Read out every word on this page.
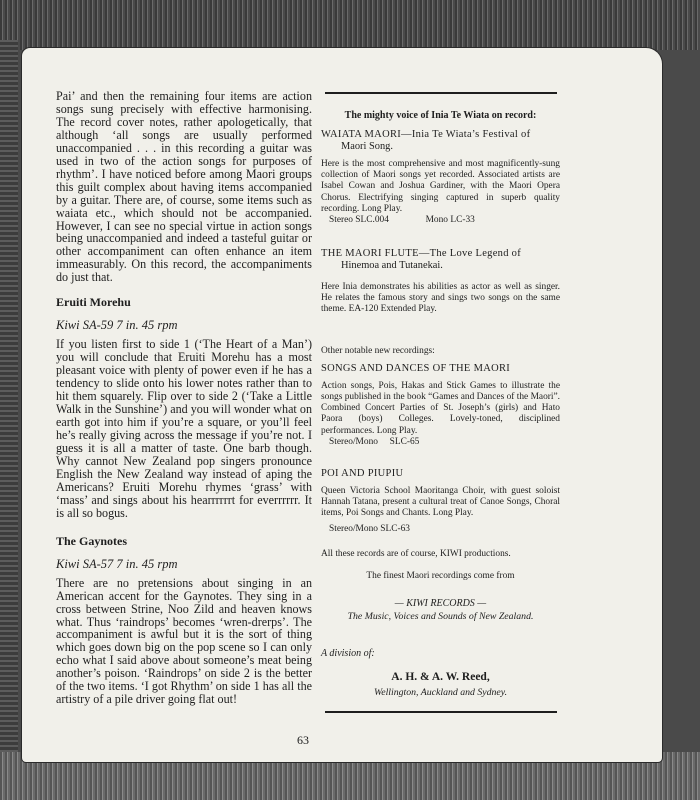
Pai’ and then the remaining four items are action songs sung precisely with effective harmonising. The record cover notes, rather apologetically, that although ‘all songs are usually performed unaccompanied . . . in this recording a guitar was used in two of the action songs for purposes of rhythm’. I have noticed before among Maori groups this guilt complex about having items accompanied by a guitar. There are, of course, some items such as waiata etc., which should not be accompanied. However, I can see no special virtue in action songs being unaccompanied and indeed a tasteful guitar or other accompaniment can often enhance an item immeasurably. On this record, the accompaniments do just that.

Eruiti Morehu

Kiwi SA-59 7 in. 45 rpm

If you listen first to side 1 (‘The Heart of a Man’) you will conclude that Eruiti Morehu has a most pleasant voice with plenty of power even if he has a tendency to slide onto his lower notes rather than to hit them squarely. Flip over to side 2 (‘Take a Little Walk in the Sunshine’) and you will wonder what on earth got into him if you’re a square, or you’ll feel he’s really giving across the message if you’re not. I guess it is all a matter of taste. One barb though. Why cannot New Zealand pop singers pronounce English the New Zealand way instead of aping the Americans? Eruiti Morehu rhymes ‘grass’ with ‘mass’ and sings about his hearrrrrrt for everrrrrr. It is all so bogus.

The Gaynotes

Kiwi SA-57 7 in. 45 rpm

There are no pretensions about singing in an American accent for the Gaynotes. They sing in a cross between Strine, Noo Zild and heaven knows what. Thus ‘raindrops’ becomes ‘wren-drerps’. The accompaniment is awful but it is the sort of thing which goes down big on the pop scene so I can only echo what I said above about someone’s meat being another’s poison. ‘Raindrops’ on side 2 is the better of the two items. ‘I got Rhythm’ on side 1 has all the artistry of a pile driver going flat out!

The mighty voice of Inia Te Wiata on record:

WAIATA MAORI—Inia Te Wiata’s Festival of

Maori Song.

Here is the most comprehensive and most magnificently-sung collection of Maori songs yet recorded. Associated artists are Isabel Cowan and Joshua Gardiner, with the Maori Opera Chorus. Electrifying singing captured in superb quality recording. Long Play.

Stereo SLC.004	Mono LC-33

THE MAORI FLUTE—The Love Legend of

Hinemoa and Tutanekai.

Here Inia demonstrates his abilities as actor as well as singer. He relates the famous story and sings two songs on the same theme. EA-120 Extended Play.

Other notable new recordings:

SONGS AND DANCES OF THE MAORI

Action songs, Pois, Hakas and Stick Games to illustrate the songs published in the book “Games and Dances of the Maori”. Combined Concert Parties of St. Joseph’s (girls) and Hato Paora (boys) Colleges. Lovely-toned, disciplined performances. Long Play.

Stereo/Mono     SLC-65

POI AND PIUPIU

Queen Victoria School Maoritanga Choir, with guest soloist Hannah Tatana, present a cultural treat of Canoe Songs, Choral items, Poi Songs and Chants. Long Play.

Stereo/Mono SLC-63

All these records are of course, KIWI productions.

The finest Maori recordings come from

— KIWI RECORDS —

The Music, Voices and Sounds of New Zealand.

A division of:

A. H. & A. W. Reed,

Wellington, Auckland and Sydney.

63
